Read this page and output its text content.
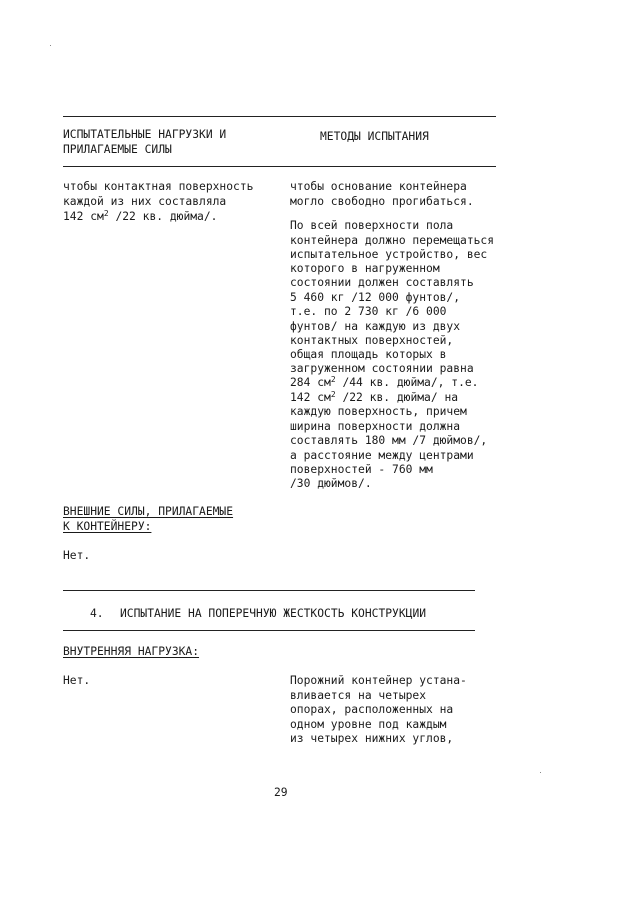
ИСПЫТАТЕЛЬНЫЕ НАГРУЗКИ И
ПРИЛАГАЕМЫЕ СИЛЫ
МЕТОДЫ ИСПЫТАНИЯ
чтобы контактная поверхность
каждой из них составляла
142 $см^2$ /22 кв. дюйма/.
чтобы основание контейнера
могло свободно прогибаться.
По всей поверхности пола
контейнера должно перемещаться
испытательное устройство, вес
которого в нагруженном
состоянии должен составлять
5 460 кг /12 000 фунтов/,
т.е. по 2 730 кг /6 000
фунтов/ на каждую из двух
контактных поверхностей,
общая площадь которых в
загруженном состоянии равна
284 $см^2$ /44 кв. дюйма/, т.е.
142 $см^2$ /22 кв. дюйма/ на
каждую поверхность, причем
ширина поверхности должна
составлять 180 мм /7 дюймов/,
а расстояние между центрами
поверхностей - 760 мм
/30 дюймов/.
ВНЕШНИЕ СИЛЫ, ПРИЛАГАЕМЫЕ
К КОНТЕЙНЕРУ:
Нет.
4. ИСПЫТАНИЕ НА ПОПЕРЕЧНУЮ ЖЕСТКОСТЬ КОНСТРУКЦИИ
ВНУТРЕННЯЯ НАГРУЗКА:
Нет.	Порожний контейнер устана-
вливается на четырех
опорах, расположенных на
одном уровне под каждым
из четырех нижних углов,
29
